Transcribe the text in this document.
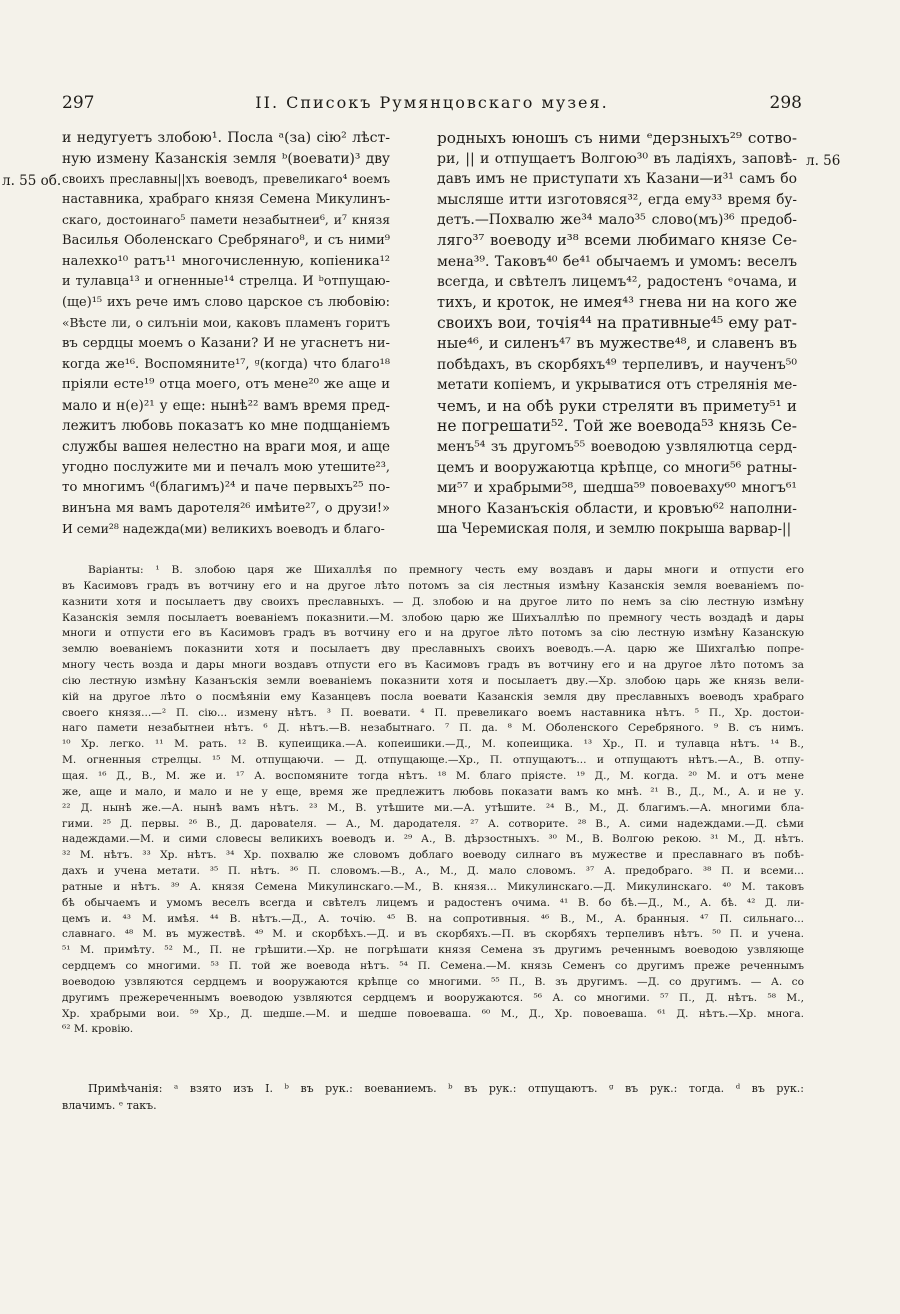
297	II. Списокъ Румянцовскаго музея.	298
л. 55 об.
л. 56
и недугуетъ злобою¹. Посла ᵃ(за) сію² лѣст-
ную измену Казанскія земля ᵇ(воевати)³ дву
своихъ преславны||хъ воеводъ, превеликаго⁴ воемъ
наставника, храбраго князя Семена Микулинъ-
скаго, достоинаго⁵ памети незабытнеи⁶, и⁷ князя
Василья Оболенскаго Сребрянаго⁸, и съ ними⁹
налехко¹⁰ ратъ¹¹ многочисленную, копіеника¹²
и тулавца¹³ и огненные¹⁴ стрелца. И ᵇотпущаю-
(ще)¹⁵ ихъ рече имъ слово царское съ любовію:
«Вѣсте ли, о силъніи мои, каковъ пламенъ горитъ
въ сердцы моемъ о Казани? И не угаснетъ ни-
когда же¹⁶. Воспомяните¹⁷, ᵍ(когда) что благо¹⁸
пріяли есте¹⁹ отца моего, отъ мене²⁰ же аще и
мало и н(е)²¹ у еще: нынѣ²² вамъ время пред-
лежитъ любовь показатъ ко мне подщаніемъ
службы вашея нелестно на враги моя, и аще
угодно послужите ми и печалъ мою утешите²³,
то многимъ ᵈ(благимъ)²⁴ и паче первыхъ²⁵ по-
винъна мя вамъ даротеля²⁶ имѣите²⁷, о друзи!»
И семи²⁸ надежда(ми) великихъ воеводъ и благо-
родныхъ юношъ съ ними ᵉдерзныхъ²⁹ сотво-
ри, || и отпущаетъ Волгою³⁰ въ ладіяхъ, заповѣ-
давъ имъ не приступати хъ Казани—и³¹ самъ бо
мысляше итти изготовяся³², егда ему³³ время бу-
детъ.—Похвалю же³⁴ мало³⁵ слово(мъ)³⁶ предоб-
ляго³⁷ воеводу и³⁸ всеми любимаго князе Се-
мена³⁹. Таковъ⁴⁰ бе⁴¹ обычаемъ и умомъ: веселъ
всегда, и свѣтелъ лицемъ⁴², радостенъ ᵉочама, и
тихъ, и кроток, не имея⁴³ гнева ни на кого же
своихъ вои, точія⁴⁴ на пративные⁴⁵ ему рат-
ные⁴⁶, и силенъ⁴⁷ въ мужестве⁴⁸, и славенъ въ
побѣдахъ, въ скорбяхъ⁴⁹ терпеливъ, и наученъ⁵⁰
метати копіемъ, и укрыватися отъ стрелянія ме-
чемъ, и на обѣ руки стреляти въ примету⁵¹ и
не погрешати⁵². Той же воевода⁵³ князь Се-
менъ⁵⁴ зъ другомъ⁵⁵ воеводою узвлялютца серд-
цемъ и вооружаютца крѣпце, со многи⁵⁶ ратны-
ми⁵⁷ и храбрыми⁵⁸, шедша⁵⁹ повоеваху⁶⁰ многъ⁶¹
много Казанъскія области, и кровъю⁶² наполни-
ша Черемиская поля, и землю покрыша варвар-||
Варіанты: ¹ В. злобою царя же Шихаллѣя по премногу честь ему воздавъ и дары многи и отпусти его
въ Касимовъ градъ въ вотчину его и на другое лѣто потомъ за сія лестныя измѣну Казанскія земля воеваніемъ по-
казнити хотя и посылаетъ дву своихъ преславныхъ. — Д. злобою и на другое лито по немъ за сію лестную измѣну
Казанскія земля посылаетъ воеваніемъ показнити.—М. злобою царю же Шихъаллѣю по премногу честь воздадѣ и дары
многи и отпусти его въ Касимовъ градъ въ вотчину его и на другое лѣто потомъ за сію лестную измѣну Казанскую
землю воеваніемъ показнити хотя и посылаетъ дву преславныхъ своихъ воеводъ.—А. царю же Шихгалѣю попре-
многу честь возда и дары многи воздавъ отпусти его въ Касимовъ градъ въ вотчину его и на другое лѣто потомъ за
сію лестную измѣну Казанъскія земли воеваніемъ показнити хотя и посылаетъ дву.—Хр. злобою царь же князь вели-
кій на другое лѣто о посмѣяніи ему Казанцевъ посла воевати Казанскія земля дву преславныхъ воеводъ храбраго
своего князя...—² П. сію... измену нѣтъ. ³ П. воевати. ⁴ П. превеликаго воемъ наставника нѣтъ. ⁵ П., Хр. достои-
наго памети незабытнеи нѣтъ. ⁶ Д. нѣтъ.—В. незабытнаго. ⁷ П. да. ⁸ М. Оболенского Серебряного. ⁹ В. съ нимъ.
¹⁰ Хр. легко. ¹¹ М. рать. ¹² В. купеищика.—А. копеишики.—Д., М. копеищика. ¹³ Хр., П. и тулавца нѣтъ. ¹⁴ В.,
М. огненныя стрелцы. ¹⁵ М. отпущаючи. — Д. отпущающе.—Хр., П. отпущаютъ... и отпущаютъ нѣтъ.—А., В. отпу-
щая. ¹⁶ Д., В., М. же и. ¹⁷ А. воспомяните тогда нѣтъ. ¹⁸ М. благо пріясте. ¹⁹ Д., М. когда. ²⁰ М. и отъ мене
же, аще и мало, и мало и не у еще, время же предлежитъ любовь показати вамъ ко мнѣ. ²¹ В., Д., М., А. и не у.
²² Д. нынѣ же.—А. нынѣ вамъ нѣтъ. ²³ М., В. утѣшите ми.—А. утѣшите. ²⁴ В., М., Д. благимъ.—А. многими бла-
гими. ²⁵ Д. первы. ²⁶ В., Д. даровateля. — А., М. дародателя. ²⁷ А. сотворите. ²⁸ В., А. сими надеждами.—Д. сѣми
надеждами.—М. и сими словесы великихъ воеводъ и. ²⁹ А., В. дѣрзостныхъ. ³⁰ М., В. Волгою рекою. ³¹ М., Д. нѣтъ.
³² М. нѣтъ. ³³ Хр. нѣтъ. ³⁴ Хр. похвалю же словомъ доблаго воеводу силнаго въ мужестве и преславнаго въ побѣ-
дахъ и учена метати. ³⁵ П. нѣтъ. ³⁶ П. словомъ.—В., А., М., Д. мало словомъ. ³⁷ А. предобраго. ³⁸ П. и всеми...
ратные и нѣтъ. ³⁹ А. князя Семена Микулинскаго.—М., В. князя... Микулинскаго.—Д. Микулинскаго. ⁴⁰ М. таковъ
бѣ обычаемъ и умомъ веселъ всегда и свѣтелъ лицемъ и радостенъ очима. ⁴¹ В. бо бѣ.—Д., М., А. бѣ. ⁴² Д. ли-
цемъ и. ⁴³ М. имѣя. ⁴⁴ В. нѣтъ.—Д., А. точію. ⁴⁵ В. на сопротивныя. ⁴⁶ В., М., А. бранныя. ⁴⁷ П. сильнаго...
славнаго. ⁴⁸ М. въ мужествѣ. ⁴⁹ М. и скорбѣхъ.—Д. и въ скорбяхъ.—П. въ скорбяхъ терпеливъ нѣтъ. ⁵⁰ П. и учена.
⁵¹ М. примѣту. ⁵² М., П. не грѣшити.—Хр. не погрѣшати князя Семена зъ другимъ реченнымъ воеводою узвляюще
сердцемъ со многими. ⁵³ П. той же воевода нѣтъ. ⁵⁴ П. Семена.—М. князь Семенъ со другимъ преже реченнымъ
воеводою узвляются сердцемъ и вооружаются крѣпце со многими. ⁵⁵ П., В. зъ другимъ. —Д. со другимъ. — А. со
другимъ прежереченнымъ воеводою узвляются сердцемъ и вооружаются. ⁵⁶ А. со многими. ⁵⁷ П., Д. нѣтъ. ⁵⁸ М.,
Хр. храбрыми вои. ⁵⁹ Хр., Д. шедше.—М. и шедше повоеваша. ⁶⁰ М., Д., Хр. повоеваша. ⁶¹ Д. нѣтъ.—Хр. многа.
⁶² М. кровію.
Примѣчанія: ᵃ взято изъ I. ᵇ въ рук.: воеваниемъ. ᵇ въ рук.: отпущаютъ. ᵍ въ рук.: тогда. ᵈ въ рук.:
влачимъ. ᵉ такъ.
